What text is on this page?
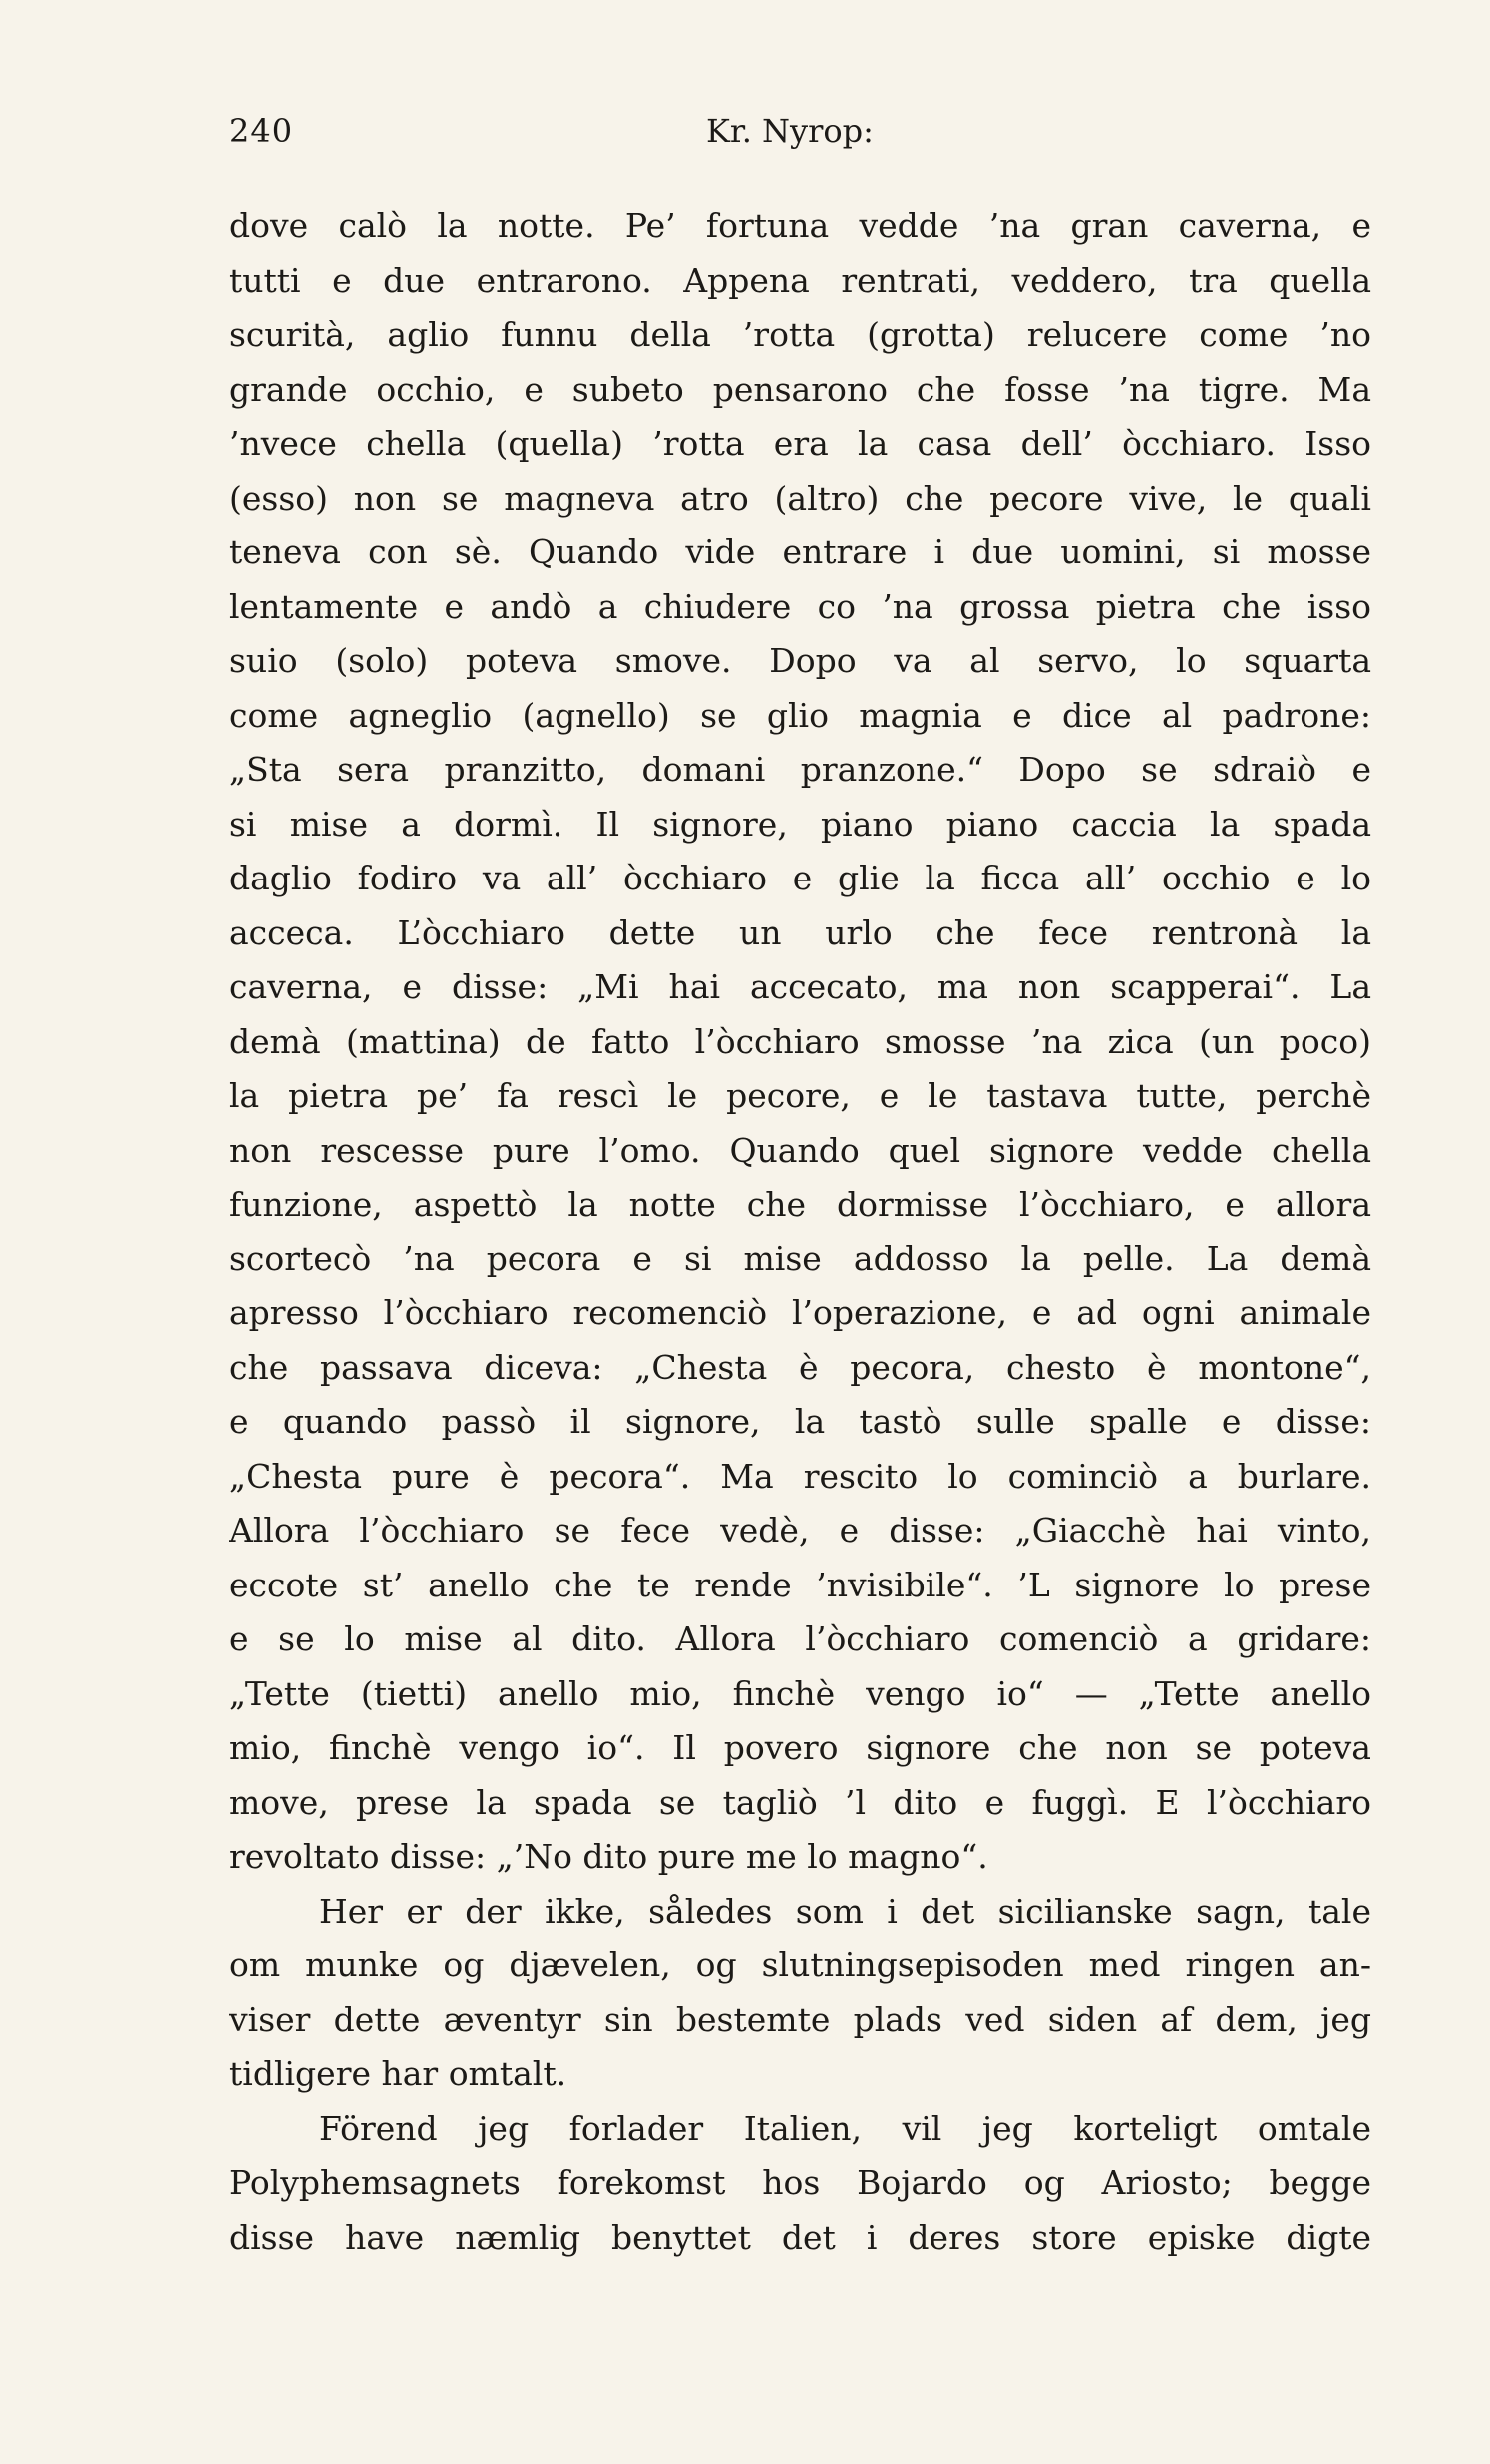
240	Kr. Nyrop:
dove calò la notte. Pe’ fortuna vedde ’na gran caverna, e
tutti e due entrarono. Appena rentrati, veddero, tra quella
scurità, aglio funnu della ’rotta (grotta) relucere come ’no
grande occhio, e subeto pensarono che fosse ’na tigre. Ma
’nvece chella (quella) ’rotta era la casa dell’ òcchiaro. Isso
(esso) non se magneva atro (altro) che pecore vive, le quali
teneva con sè. Quando vide entrare i due uomini, si mosse
lentamente e andò a chiudere co ’na grossa pietra che isso
suio (solo) poteva smove. Dopo va al servo, lo squarta
come agneglio (agnello) se glio magnia e dice al padrone:
„Sta sera pranzitto, domani pranzone.“ Dopo se sdraiò e
si mise a dormì. Il signore, piano piano caccia la spada
daglio fodiro va all’ òcchiaro e glie la ficca all’ occhio e lo
acceca. L’òcchiaro dette un urlo che fece rentronà la
caverna, e disse: „Mi hai accecato, ma non scapperai“. La
demà (mattina) de fatto l’òcchiaro smosse ’na zica (un poco)
la pietra pe’ fa rescì le pecore, e le tastava tutte, perchè
non rescesse pure l’omo. Quando quel signore vedde chella
funzione, aspettò la notte che dormisse l’òcchiaro, e allora
scortecò ’na pecora e si mise addosso la pelle. La demà
apresso l’òcchiaro recomenciò l’operazione, e ad ogni animale
che passava diceva: „Chesta è pecora, chesto è montone“,
e quando passò il signore, la tastò sulle spalle e disse:
„Chesta pure è pecora“. Ma rescito lo cominciò a burlare.
Allora l’òcchiaro se fece vedè, e disse: „Giacchè hai vinto,
eccote st’ anello che te rende ’nvisibile“. ’L signore lo prese
e se lo mise al dito. Allora l’òcchiaro comenciò a gridare:
„Tette (tietti) anello mio, finchè vengo io“ — „Tette anello
mio, finchè vengo io“. Il povero signore che non se poteva
move, prese la spada se tagliò ’l dito e fuggì. E l’òcchiaro
revoltato disse: „’No dito pure me lo magno“.
Her er der ikke, således som i det sicilianske sagn, tale
om munke og djævelen, og slutningsepisoden med ringen an-
viser dette æventyr sin bestemte plads ved siden af dem, jeg
tidligere har omtalt.
Förend jeg forlader Italien, vil jeg korteligt omtale
Polyphemsagnets forekomst hos Bojardo og Ariosto; begge
disse have næmlig benyttet det i deres store episke digte
